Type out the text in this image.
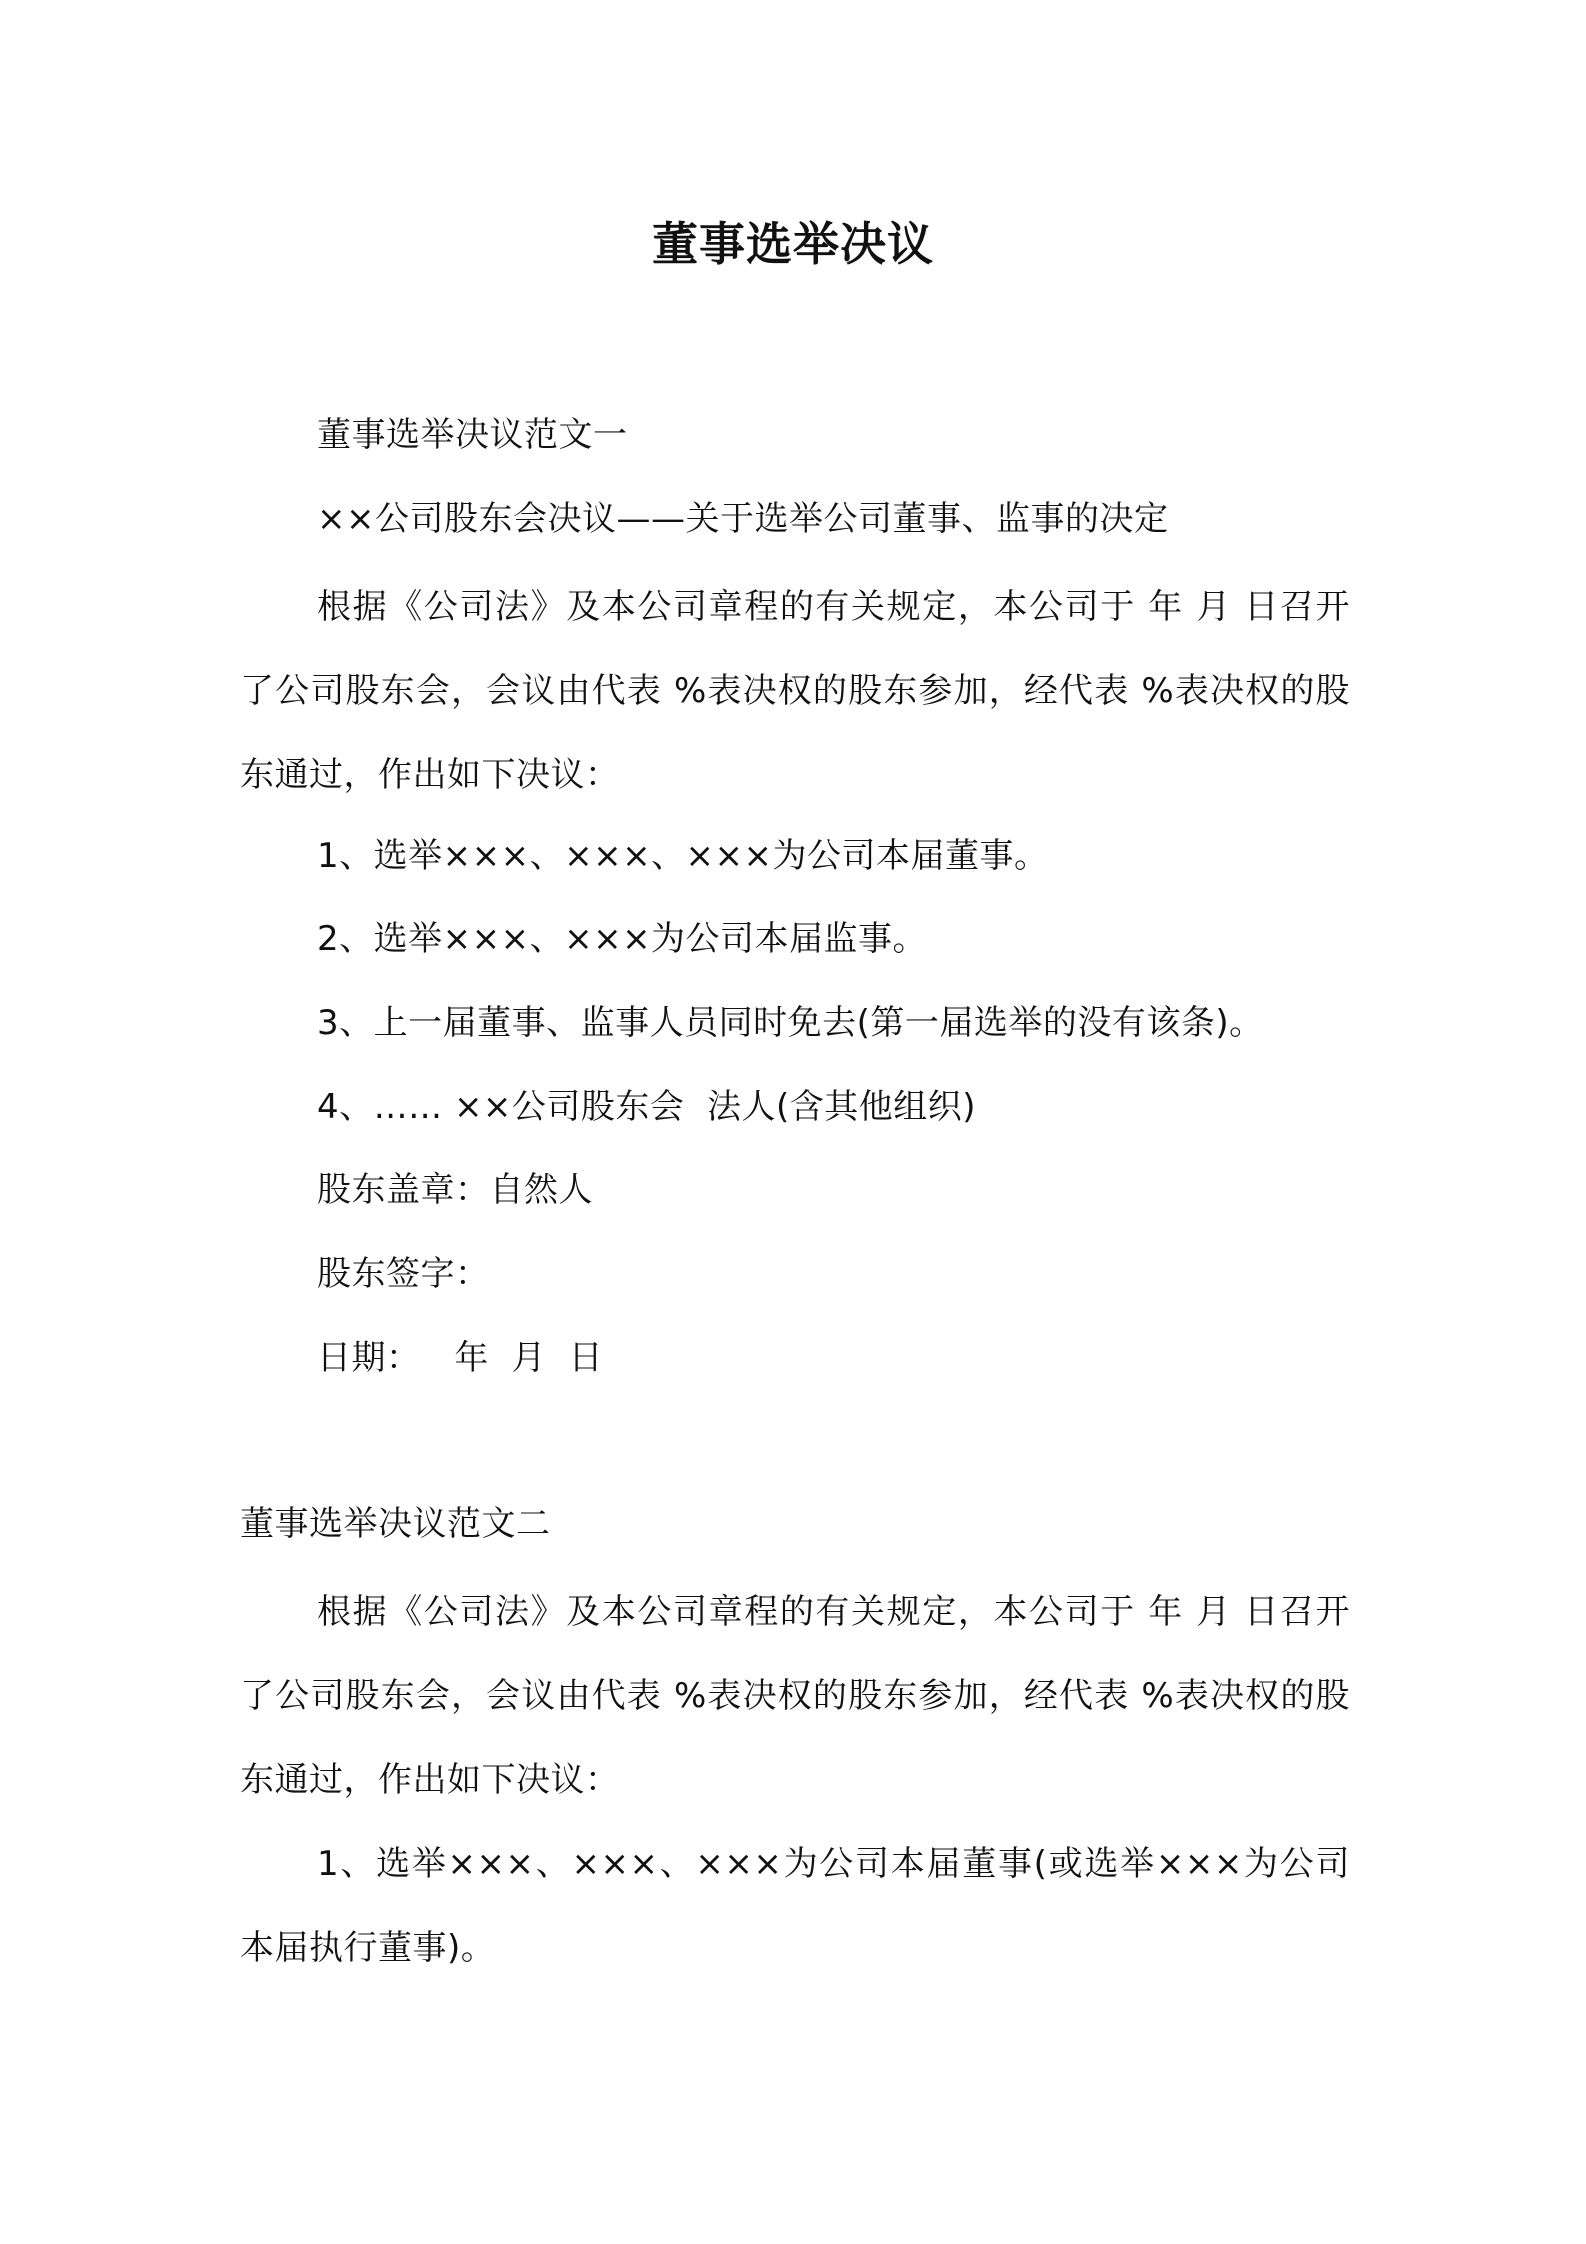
董事选举决议
董事选举决议范文一
××公司股东会决议——关于选举公司董事、监事的决定
根据《公司法》及本公司章程的有关规定，本公司于 年 月 日召开了公司股东会，会议由代表 %表决权的股东参加，经代表 %表决权的股东通过，作出如下决议：
1、选举×××、×××、×××为公司本届董事。
2、选举×××、×××为公司本届监事。
3、上一届董事、监事人员同时免去(第一届选举的没有该条)。
4、…… ××公司股东会  法人(含其他组织)
股东盖章：自然人
股东签字：
日期：   年  月  日
董事选举决议范文二
根据《公司法》及本公司章程的有关规定，本公司于 年 月 日召开了公司股东会，会议由代表 %表决权的股东参加，经代表 %表决权的股东通过，作出如下决议：
1、选举×××、×××、×××为公司本届董事(或选举×××为公司本届执行董事)。
